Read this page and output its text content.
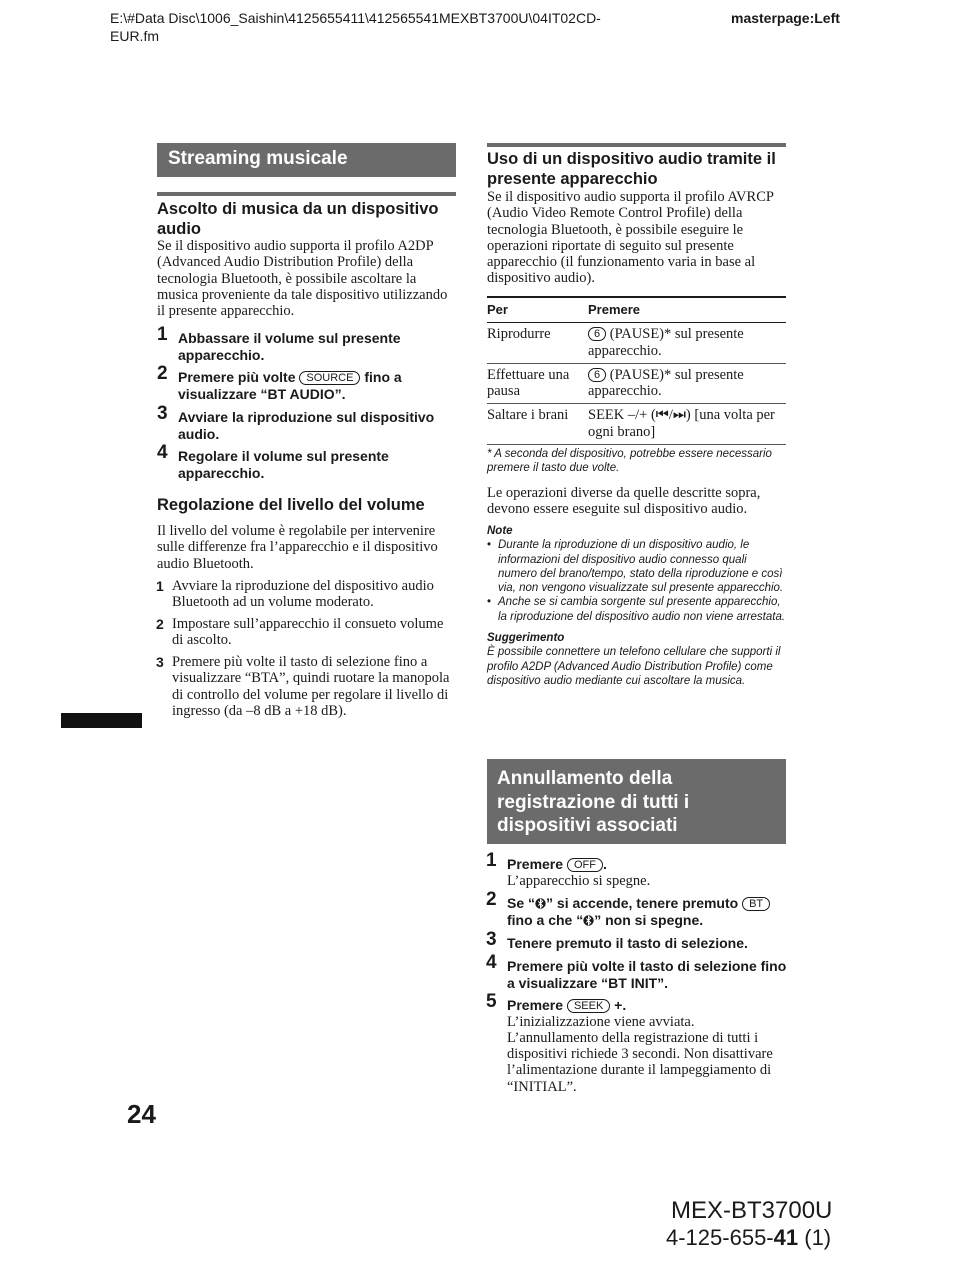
E:\#Data Disc\1006_Saishin\4125655411\412565541MEXBT3700U\04IT02CD-EUR.fm
masterpage:Left
Streaming musicale
Ascolto di musica da un dispositivo audio
Se il dispositivo audio supporta il profilo A2DP (Advanced Audio Distribution Profile) della tecnologia Bluetooth, è possibile ascoltare la musica proveniente da tale dispositivo utilizzando il presente apparecchio.
1 Abbassare il volume sul presente apparecchio.
2 Premere più volte SOURCE fino a visualizzare “BT AUDIO”.
3 Avviare la riproduzione sul dispositivo audio.
4 Regolare il volume sul presente apparecchio.
Regolazione del livello del volume
Il livello del volume è regolabile per intervenire sulle differenze fra l’apparecchio e il dispositivo audio Bluetooth.
1 Avviare la riproduzione del dispositivo audio Bluetooth ad un volume moderato.
2 Impostare sull’apparecchio il consueto volume di ascolto.
3 Premere più volte il tasto di selezione fino a visualizzare “BTA”, quindi ruotare la manopola di controllo del volume per regolare il livello di ingresso (da –8 dB a +18 dB).
24
Uso di un dispositivo audio tramite il presente apparecchio
Se il dispositivo audio supporta il profilo AVRCP (Audio Video Remote Control Profile) della tecnologia Bluetooth, è possibile eseguire le operazioni riportate di seguito sul presente apparecchio (il funzionamento varia in base al dispositivo audio).
Per	Premere
Riprodurre	6 (PAUSE)* sul presente apparecchio.
Effettuare una pausa	6 (PAUSE)* sul presente apparecchio.
Saltare i brani	SEEK –/+ (⏮/⏭) [una volta per ogni brano]
* A seconda del dispositivo, potrebbe essere necessario premere il tasto due volte.
Le operazioni diverse da quelle descritte sopra, devono essere eseguite sul dispositivo audio.
Note
• Durante la riproduzione di un dispositivo audio, le informazioni del dispositivo audio connesso quali numero del brano/tempo, stato della riproduzione e così via, non vengono visualizzate sul presente apparecchio.
• Anche se si cambia sorgente sul presente apparecchio, la riproduzione del dispositivo audio non viene arrestata.
Suggerimento
È possibile connettere un telefono cellulare che supporti il profilo A2DP (Advanced Audio Distribution Profile) come dispositivo audio mediante cui ascoltare la musica.
Annullamento della registrazione di tutti i dispositivi associati
1 Premere OFF .
L’apparecchio si spegne.
2 Se “ ” si accende, tenere premuto BT fino a che “ ” non si spegne.
3 Tenere premuto il tasto di selezione.
4 Premere più volte il tasto di selezione fino a visualizzare “BT INIT”.
5 Premere SEEK +.
L’inizializzazione viene avviata. L’annullamento della registrazione di tutti i dispositivi richiede 3 secondi. Non disattivare l’alimentazione durante il lampeggiamento di “INITIAL”.
MEX-BT3700U
4-125-655-41 (1)
